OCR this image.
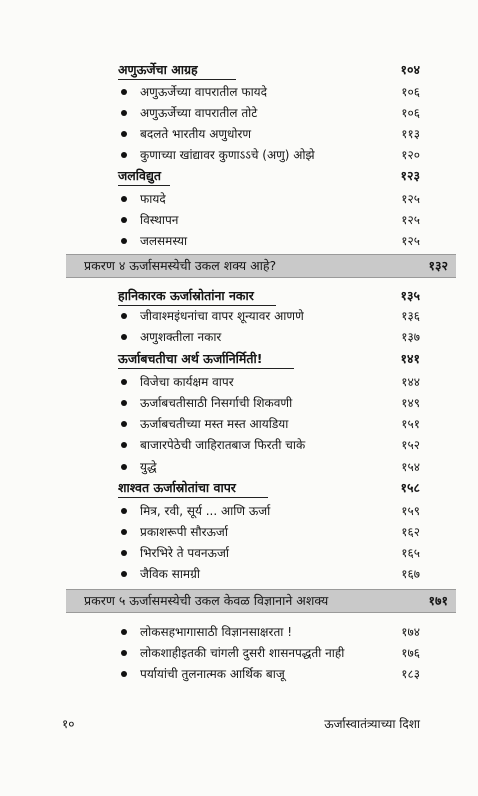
अणुऊर्जेचा आग्रह	१०४
अणुऊर्जेच्या वापरातील फायदे	१०६
अणुऊर्जेच्या वापरातील तोटे	१०६
बदलते भारतीय अणुधोरण	११३
कुणाच्या खांद्यावर कुणाऽऽचे (अणु) ओझे	१२०
जलविद्युत	१२३
फायदे	१२५
विस्थापन	१२५
जलसमस्या	१२५
प्रकरण ४ ऊर्जासमस्येची उकल शक्य आहे?	१३२
हानिकारक ऊर्जास्रोतांना नकार	१३५
जीवाश्मइंधनांचा वापर शून्यावर आणणे	१३६
अणुशक्तीला नकार	१३७
ऊर्जाबचतीचा अर्थ ऊर्जानिर्मिती!	१४१
विजेचा कार्यक्षम वापर	१४४
ऊर्जाबचतीसाठी निसर्गाची शिकवणी	१४९
ऊर्जाबचतीच्या मस्त मस्त आयडिया	१५१
बाजारपेठेची जाहिरातबाज फिरती चाके	१५२
युद्धे	१५४
शाश्वत ऊर्जास्रोतांचा वापर	१५८
मित्र, रवी, सूर्य ... आणि ऊर्जा	१५९
प्रकाशरूपी सौरऊर्जा	१६२
भिरभिरे ते पवनऊर्जा	१६५
जैविक सामग्री	१६७
प्रकरण ५ ऊर्जासमस्येची उकल केवळ विज्ञानाने अशक्य	१७१
लोकसहभागासाठी विज्ञानसाक्षरता !	१७४
लोकशाहीइतकी चांगली दुसरी शासनपद्धती नाही	१७६
पर्यायांची तुलनात्मक आर्थिक बाजू	१८३
१०	ऊर्जास्वातंत्र्याच्या दिशा
